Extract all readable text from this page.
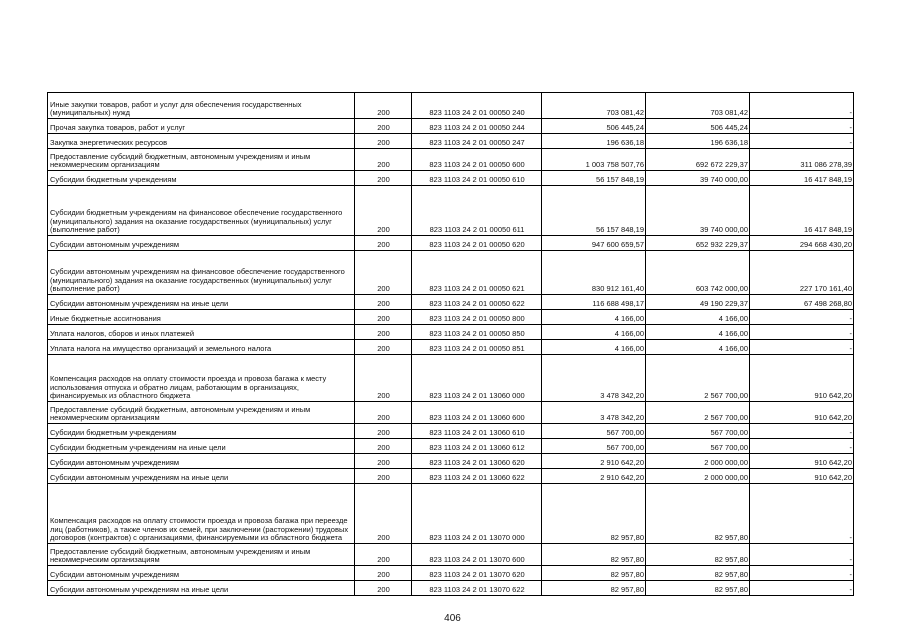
Иные закупки товаров, работ и услуг для обеспечения государственных (муниципальных) нужд	200	823 1103 24 2 01 00050 240	703 081,42	703 081,42	-
Прочая закупка товаров, работ и услуг	200	823 1103 24 2 01 00050 244	506 445,24	506 445,24	-
Закупка энергетических ресурсов	200	823 1103 24 2 01 00050 247	196 636,18	196 636,18	-
Предоставление субсидий бюджетным, автономным учреждениям и иным некоммерческим организациям	200	823 1103 24 2 01 00050 600	1 003 758 507,76	692 672 229,37	311 086 278,39
Субсидии бюджетным учреждениям	200	823 1103 24 2 01 00050 610	56 157 848,19	39 740 000,00	16 417 848,19
Субсидии бюджетным учреждениям на финансовое обеспечение государственного (муниципального) задания на оказание государственных (муниципальных) услуг (выполнение работ)	200	823 1103 24 2 01 00050 611	56 157 848,19	39 740 000,00	16 417 848,19
Субсидии автономным учреждениям	200	823 1103 24 2 01 00050 620	947 600 659,57	652 932 229,37	294 668 430,20
Субсидии автономным учреждениям на финансовое обеспечение государственного (муниципального) задания на оказание государственных (муниципальных) услуг (выполнение работ)	200	823 1103 24 2 01 00050 621	830 912 161,40	603 742 000,00	227 170 161,40
Субсидии автономным учреждениям на иные цели	200	823 1103 24 2 01 00050 622	116 688 498,17	49 190 229,37	67 498 268,80
Иные бюджетные ассигнования	200	823 1103 24 2 01 00050 800	4 166,00	4 166,00	-
Уплата налогов, сборов и иных платежей	200	823 1103 24 2 01 00050 850	4 166,00	4 166,00	-
Уплата налога на имущество организаций и земельного налога	200	823 1103 24 2 01 00050 851	4 166,00	4 166,00	-
Компенсация расходов на оплату стоимости проезда и провоза багажа к месту использования отпуска и обратно лицам, работающим в организациях, финансируемых из областного бюджета	200	823 1103 24 2 01 13060 000	3 478 342,20	2 567 700,00	910 642,20
Предоставление субсидий бюджетным, автономным учреждениям и иным некоммерческим организациям	200	823 1103 24 2 01 13060 600	3 478 342,20	2 567 700,00	910 642,20
Субсидии бюджетным учреждениям	200	823 1103 24 2 01 13060 610	567 700,00	567 700,00	-
Субсидии бюджетным учреждениям на иные цели	200	823 1103 24 2 01 13060 612	567 700,00	567 700,00	-
Субсидии автономным учреждениям	200	823 1103 24 2 01 13060 620	2 910 642,20	2 000 000,00	910 642,20
Субсидии автономным учреждениям на иные цели	200	823 1103 24 2 01 13060 622	2 910 642,20	2 000 000,00	910 642,20
Компенсация расходов на оплату стоимости проезда и провоза багажа при переезде лиц (работников), а также членов их семей, при заключении (расторжении) трудовых договоров (контрактов) с организациями, финансируемыми из областного бюджета	200	823 1103 24 2 01 13070 000	82 957,80	82 957,80	-
Предоставление субсидий бюджетным, автономным учреждениям и иным некоммерческим организациям	200	823 1103 24 2 01 13070 600	82 957,80	82 957,80	-
Субсидии автономным учреждениям	200	823 1103 24 2 01 13070 620	82 957,80	82 957,80	-
Субсидии автономным учреждениям на иные цели	200	823 1103 24 2 01 13070 622	82 957,80	82 957,80	-
406
